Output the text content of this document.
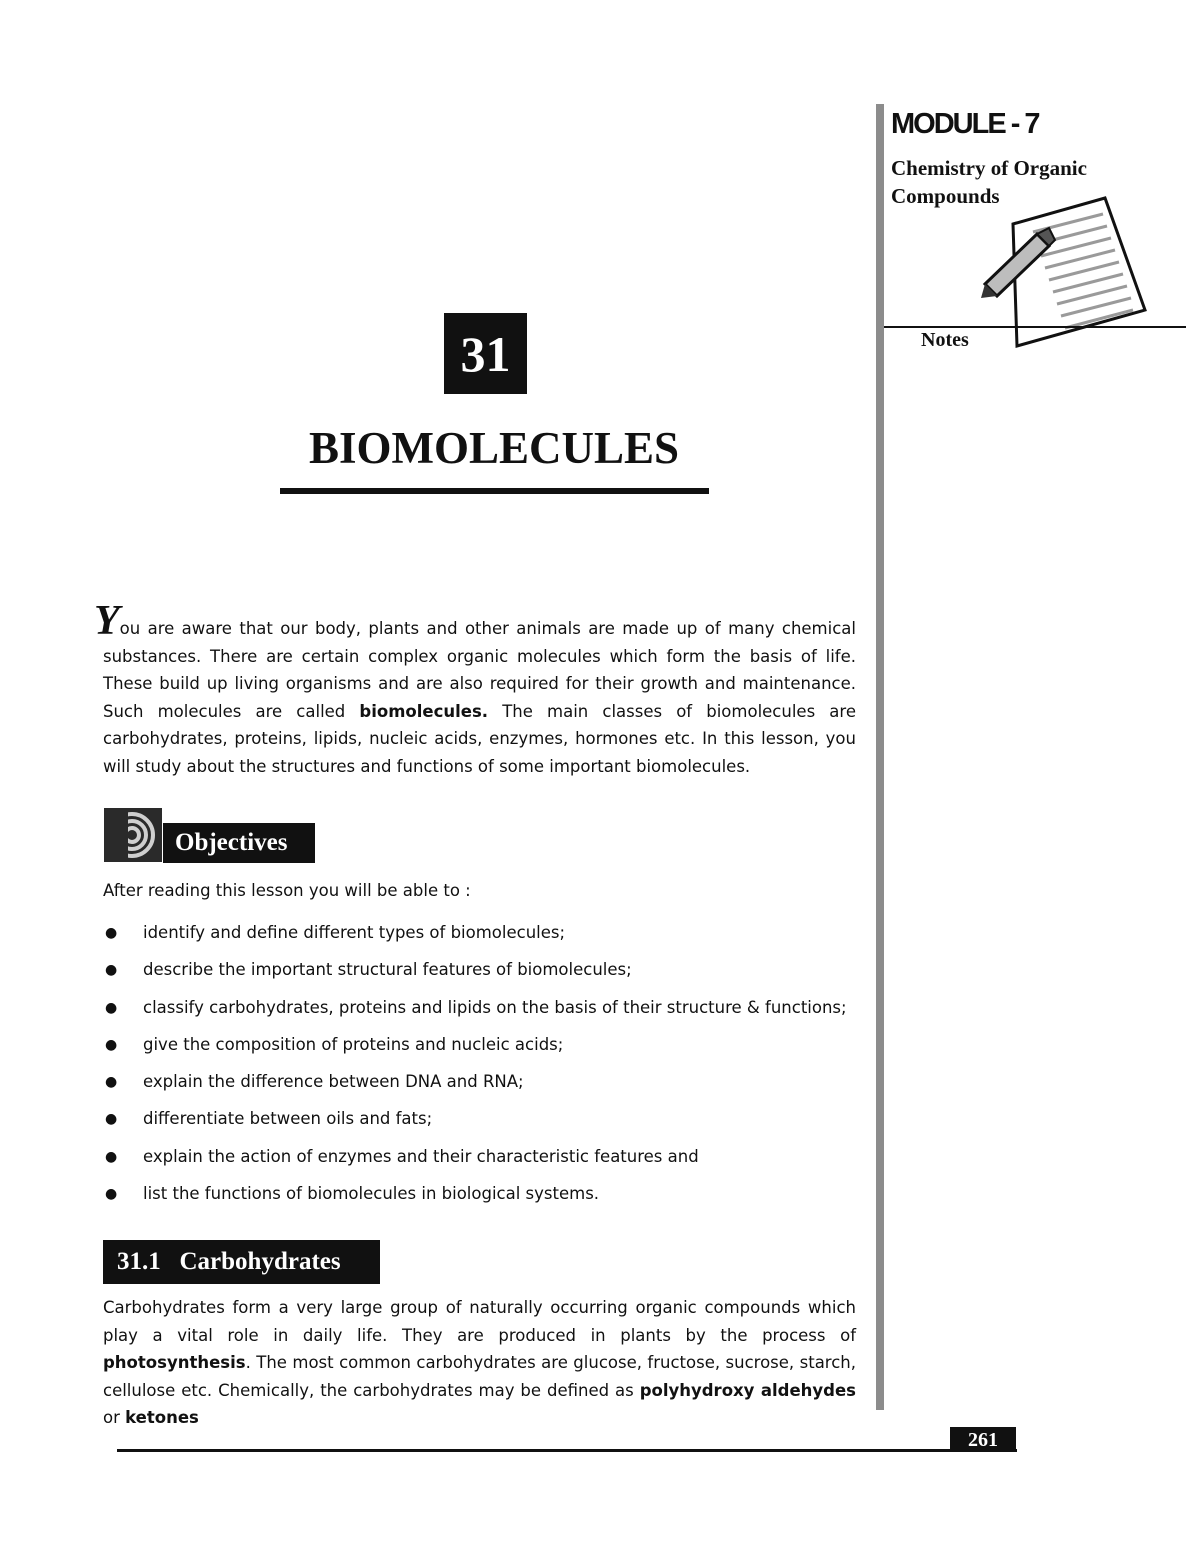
MODULE - 7
Chemistry of Organic
Compounds
Notes
31
BIOMOLECULES
You are aware that our body, plants and other animals are made up of many chemical substances. There are certain complex organic molecules which form the basis of life. These build up living organisms and are also required for their growth and maintenance. Such molecules are called biomolecules. The main classes of biomolecules are carbohydrates, proteins, lipids, nucleic acids, enzymes, hormones etc. In this lesson, you will study about the structures and functions of some important biomolecules.
Objectives
After reading this lesson you will be able to :
● identify and define different types of biomolecules;
● describe the important structural features of biomolecules;
● classify carbohydrates, proteins and lipids on the basis of their structure & functions;
● give the composition of proteins and nucleic acids;
● explain the difference between DNA and RNA;
● differentiate between oils and fats;
● explain the action of enzymes and their characteristic features and
● list the functions of biomolecules in biological systems.
31.1   Carbohydrates
Carbohydrates form a very large group of naturally occurring organic compounds which play a vital role in daily life. They are produced in plants by the process of photosynthesis. The most common carbohydrates are glucose, fructose, sucrose, starch, cellulose etc. Chemically, the carbohydrates may be defined as polyhydroxy aldehydes or ketones
261
